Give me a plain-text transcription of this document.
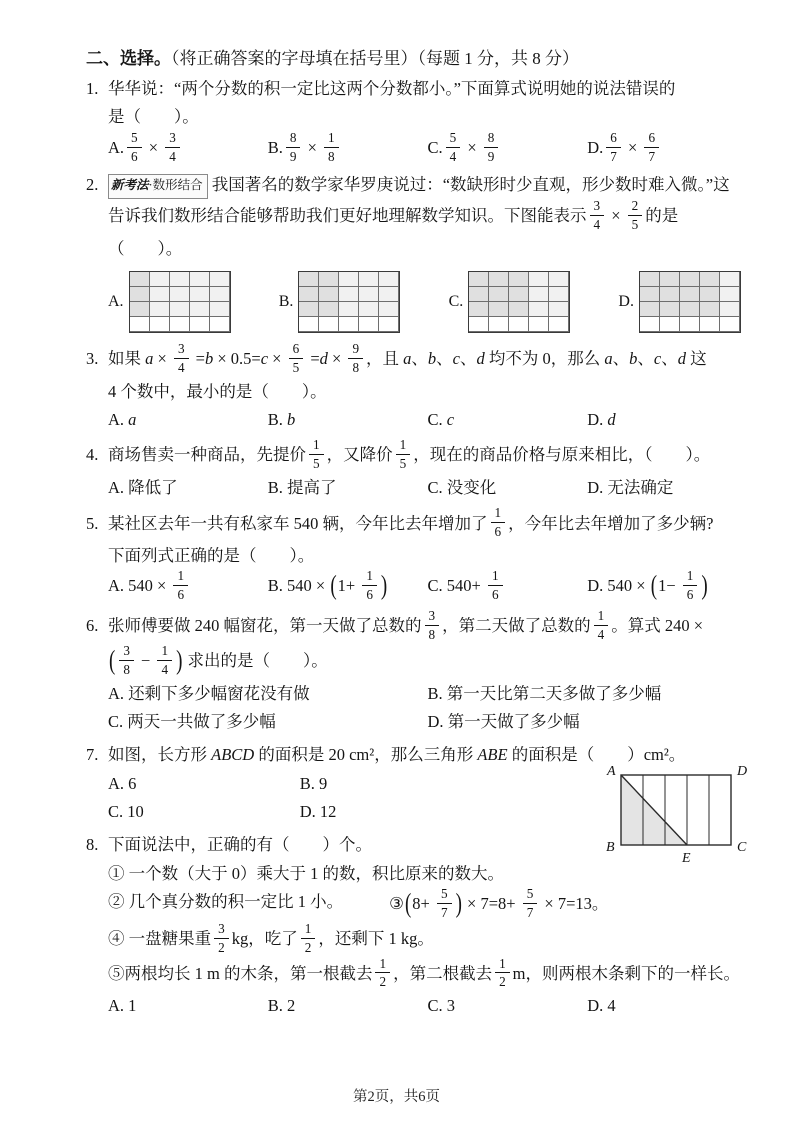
二、选择。（将正确答案的字母填在括号里）（每题 1 分，共 8 分）
1. 华华说：“两个分数的积一定比这两个分数都小。”下面算式说明她的说法错误的
是（　　）。
A. $\frac{5}{6} \times \frac{3}{4}$	B. $\frac{8}{9} \times \frac{1}{8}$	C. $\frac{5}{4} \times \frac{8}{9}$	D. $\frac{6}{7} \times \frac{6}{7}$
2. 新考法·数形结合 我国著名的数学家华罗庚说过：“数缺形时少直观，形少数时难入微。”这
告诉我们数形结合能够帮助我们更好地理解数学知识。下图能表示 $\frac{3}{4} \times \frac{2}{5}$ 的是（　　）。
A.	B.	C.	D.
3. 如果 $a \times \frac{3}{4} =b \times 0.5=c \times \frac{6}{5} =d \times \frac{9}{8}$ ，且 a、b、c、d 均不为 0，那么 a、b、c、d 这
4 个数中，最小的是（　　）。
A. a	B. b	C. c	D. d
4. 商场售卖一种商品，先提价 $\frac{1}{5}$ ，又降价 $\frac{1}{5}$ ，现在的商品价格与原来相比，（　　）。
A. 降低了	B. 提高了	C. 没变化	D. 无法确定
5. 某社区去年一共有私家车 540 辆，今年比去年增加了 $\frac{1}{6}$ ，今年比去年增加了多少辆?
下面列式正确的是（　　）。
A. $540 \times \frac{1}{6}$	B. $540 \times (1+ \frac{1}{6}$ )	C. $540+ \frac{1}{6}$	D. $540 \times (1- \frac{1}{6}$ )
6. 张师傅要做 240 幅窗花，第一天做了总数的 $\frac{3}{8}$ ，第二天做了总数的 $\frac{1}{4}$ 。算式 240 ×
( $\frac{3}{8} - \frac{1}{4}$ ) 求出的是（　　）。
A. 还剩下多少幅窗花没有做	B. 第一天比第二天多做了多少幅
C. 两天一共做了多少幅	D. 第一天做了多少幅
7. 如图，长方形 ABCD 的面积是 20 cm²，那么三角形 ABE 的面积是（　　）cm²。
A. 6	B. 9
C. 10	D. 12
A	D
B	C
E
8. 下面说法中，正确的有（　　）个。
① 一个数（大于 0）乘大于 1 的数，积比原来的数大。
② 几个真分数的积一定比 1 小。	③(8+ $\frac{5}{7}$ ) × $7=8+ \frac{5}{7} \times 7=13$。
④ 一盘糖果重 $\frac{3}{2}$ kg，吃了 $\frac{1}{2}$ ，还剩下 1 kg。
⑤两根均长 1 m 的木条，第一根截去 $\frac{1}{2}$ ，第二根截去 $\frac{1}{2}$ m，则两根木条剩下的一样长。
A. 1	B. 2	C. 3	D. 4
第2页，共6页
